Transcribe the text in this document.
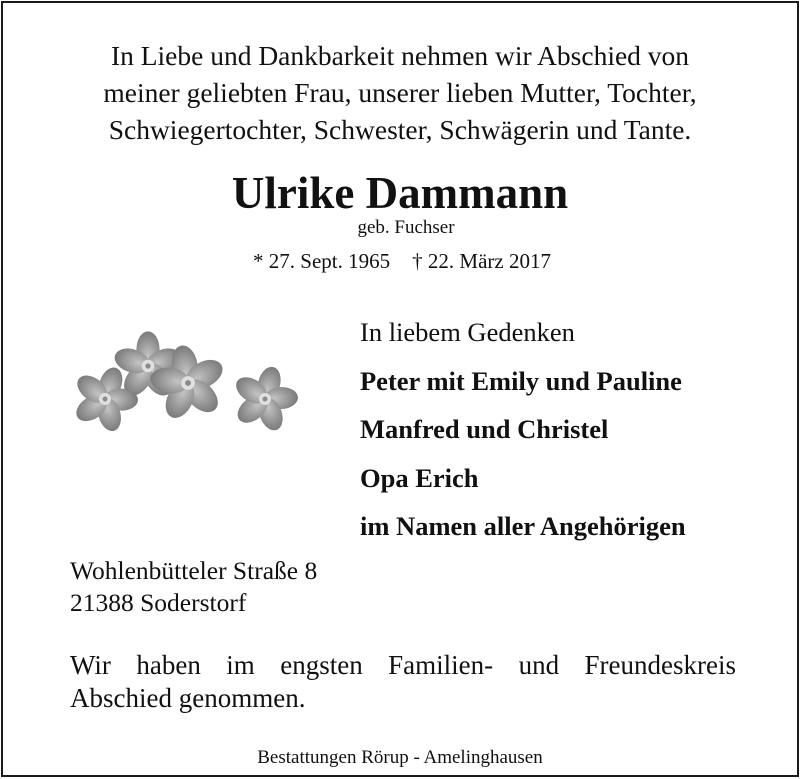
In Liebe und Dankbarkeit nehmen wir Abschied von
meiner geliebten Frau, unserer lieben Mutter, Tochter,
Schwiegertochter, Schwester, Schwägerin und Tante.
Ulrike Dammann
geb. Fuchser
* 27. Sept. 1965 † 22. März 2017
In liebem Gedenken
Peter mit Emily und Pauline
Manfred und Christel
Opa Erich
im Namen aller Angehörigen
Wohlenbütteler Straße 8
21388 Soderstorf
Wir haben im engsten Familien- und Freundeskreis
Abschied genommen.
Bestattungen Rörup - Amelinghausen
